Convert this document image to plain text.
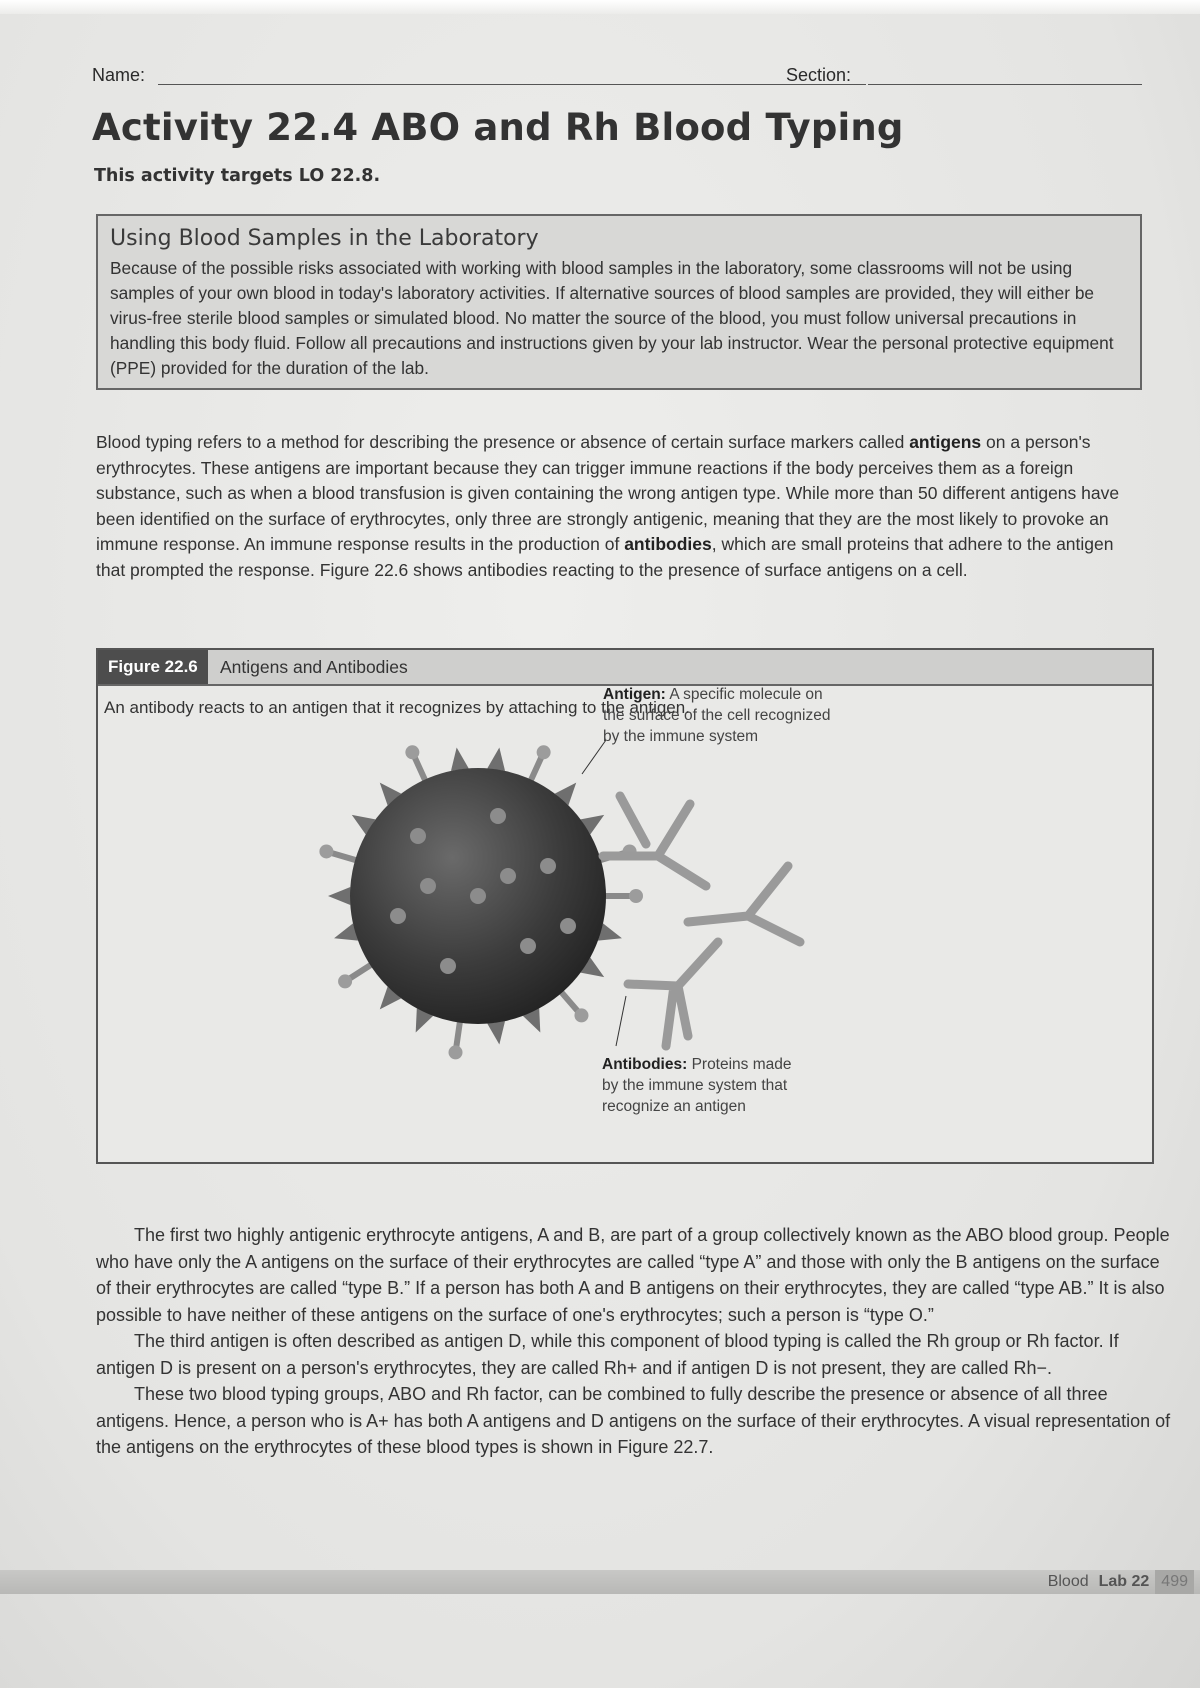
Name:	Section:
Activity 22.4 ABO and Rh Blood Typing
This activity targets LO 22.8.
Using Blood Samples in the Laboratory
Because of the possible risks associated with working with blood samples in the laboratory, some classrooms will not be using samples of your own blood in today's laboratory activities. If alternative sources of blood samples are provided, they will either be virus-free sterile blood samples or simulated blood. No matter the source of the blood, you must follow universal precautions in handling this body fluid. Follow all precautions and instructions given by your lab instructor. Wear the personal protective equipment (PPE) provided for the duration of the lab.
Blood typing refers to a method for describing the presence or absence of certain surface markers called antigens on a person's erythrocytes. These antigens are important because they can trigger immune reactions if the body perceives them as a foreign substance, such as when a blood transfusion is given containing the wrong antigen type. While more than 50 different antigens have been identified on the surface of erythrocytes, only three are strongly antigenic, meaning that they are the most likely to provoke an immune response. An immune response results in the production of antibodies, which are small proteins that adhere to the antigen that prompted the response. Figure 22.6 shows antibodies reacting to the presence of surface antigens on a cell.
Figure 22.6	Antigens and Antibodies
An antibody reacts to an antigen that it recognizes by attaching to the antigen.
Antigen: A specific molecule on
the surface of the cell recognized
by the immune system
Antibodies: Proteins made
by the immune system that
recognize an antigen

The first two highly antigenic erythrocyte antigens, A and B, are part of a group collectively known as the ABO blood group. People who have only the A antigens on the surface of their erythrocytes are called “type A” and those with only the B antigens on the surface of their erythrocytes are called “type B.” If a person has both A and B antigens on their erythrocytes, they are called “type AB.” It is also possible to have neither of these antigens on the surface of one's erythrocytes; such a person is “type O.”

The third antigen is often described as antigen D, while this component of blood typing is called the Rh group or Rh factor. If antigen D is present on a person's erythrocytes, they are called Rh+ and if antigen D is not present, they are called Rh−.

These two blood typing groups, ABO and Rh factor, can be combined to fully describe the presence or absence of all three antigens. Hence, a person who is A+ has both A antigens and D antigens on the surface of their erythrocytes. A visual representation of the antigens on the erythrocytes of these blood types is shown in Figure 22.7.

Blood Lab 22 499
